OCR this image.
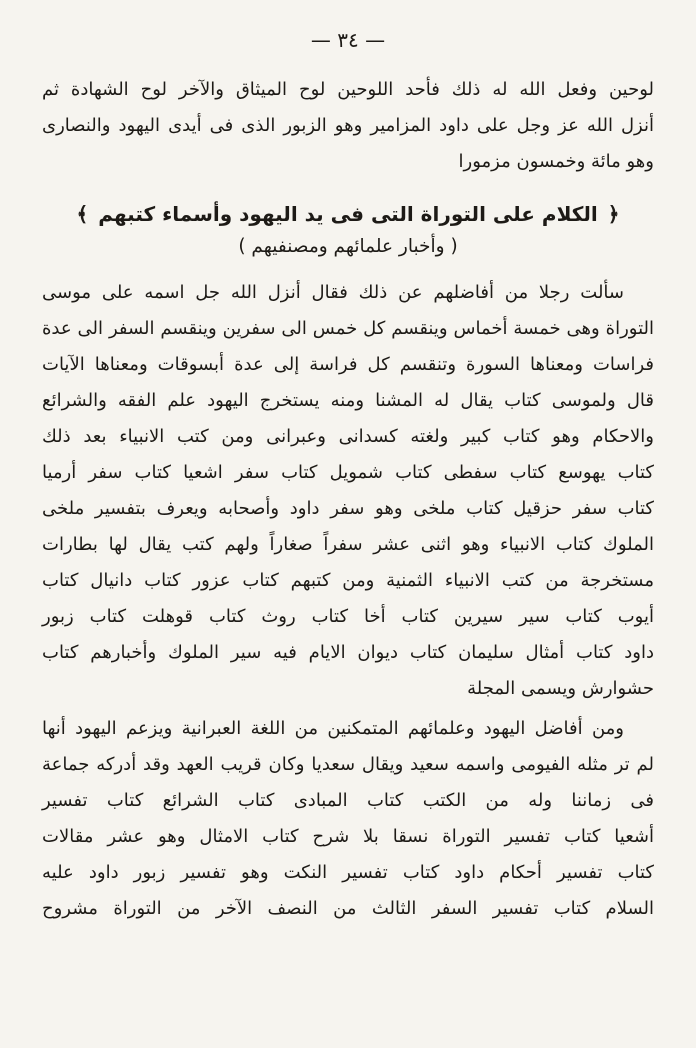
— ٣٤ —
لوحين وفعل الله له ذلك فأحد اللوحين لوح الميثاق والآخر لوح الشهادة ثم
أنزل الله عز وجل على داود المزامير وهو الزبور الذى فى أيدى اليهود والنصارى
وهو مائة وخمسون مزمورا
﴿
الكلام على التوراة التى فى يد اليهود وأسماء كتبهم
﴾
( وأخبار علمائهم ومصنفيهم )
سألت رجلا من أفاضلهم عن ذلك فقال أنزل الله جل اسمه على موسى
التوراة وهى خمسة أخماس وينقسم كل خمس الى سفرين وينقسم السفر الى عدة
فراسات ومعناها السورة وتنقسم كل فراسة إلى عدة أبسوقات ومعناها الآيات
قال ولموسى كتاب يقال له المشنا ومنه يستخرج اليهود علم الفقه والشرائع
والاحكام وهو كتاب كبير ولغته كسدانى وعبرانى ومن كتب الانبياء بعد ذلك
كتاب يهوسع كتاب سفطى كتاب شمويل كتاب سفر اشعيا كتاب سفر أرميا
كتاب سفر حزقيل كتاب ملخى وهو سفر داود وأصحابه ويعرف بتفسير ملخى
الملوك كتاب الانبياء وهو اثنى عشر سفراً صغاراً ولهم كتب يقال لها بطارات
مستخرجة من كتب الانبياء الثمنية ومن كتبهم كتاب عزور كتاب دانيال كتاب
أيوب كتاب سير سيرين كتاب أخا كتاب روث كتاب قوهلت كتاب زبور
داود كتاب أمثال سليمان كتاب ديوان الايام فيه سير الملوك وأخبارهم كتاب
حشوارش ويسمى المجلة
ومن أفاضل اليهود وعلمائهم المتمكنين من اللغة العبرانية ويزعم اليهود أنها
لم تر مثله الفيومى واسمه سعيد ويقال سعديا وكان قريب العهد وقد أدركه جماعة
فى زماننا وله من الكتب كتاب المبادى كتاب الشرائع كتاب تفسير
أشعيا كتاب تفسير التوراة نسقا بلا شرح كتاب الامثال وهو عشر مقالات
كتاب تفسير أحكام داود كتاب تفسير النكت وهو تفسير زبور داود عليه
السلام كتاب تفسير السفر الثالث من النصف الآخر من التوراة مشروح
